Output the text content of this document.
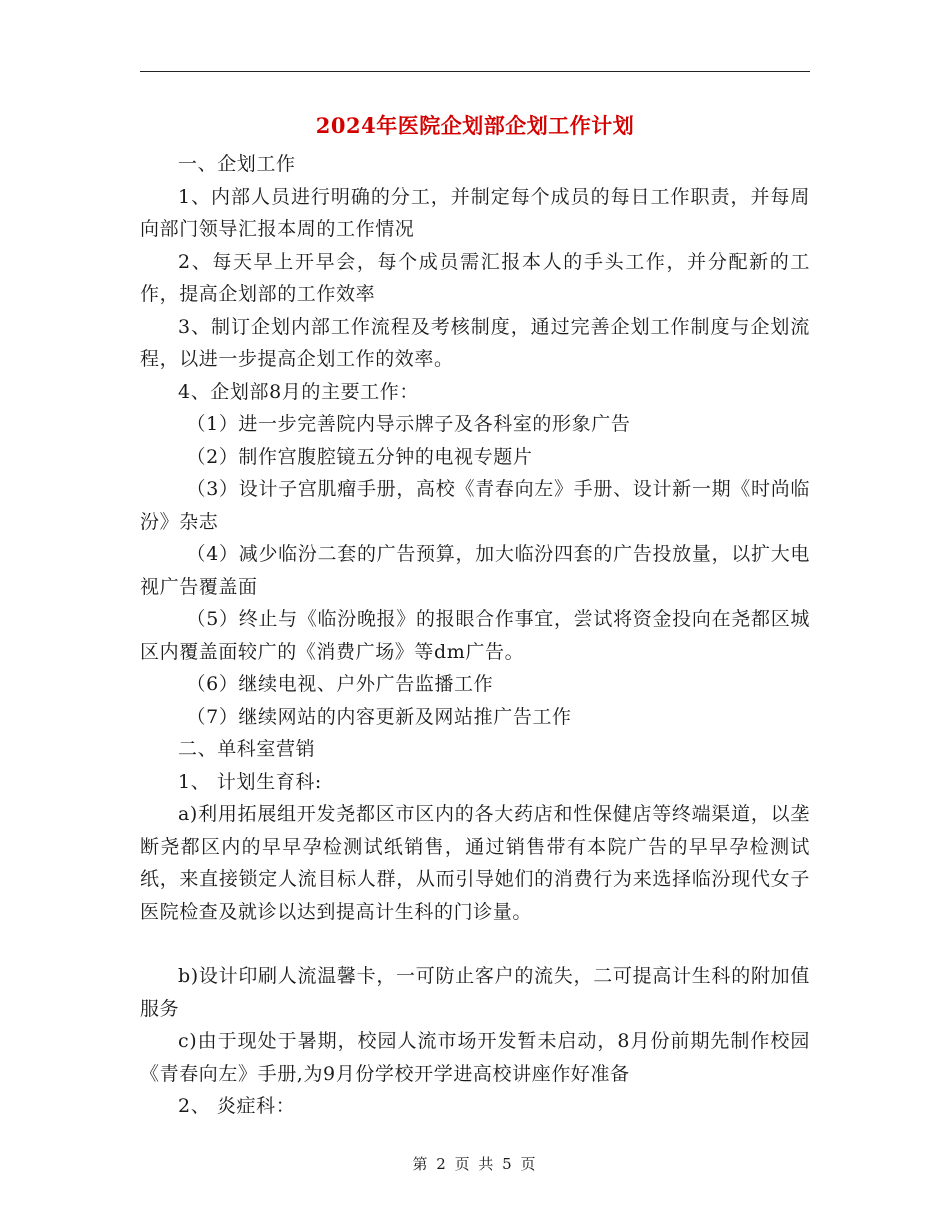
2024年医院企划部企划工作计划

一、企划工作

1、内部人员进行明确的分工，并制定每个成员的每日工作职责，并每周向部门领导汇报本周的工作情况

2、每天早上开早会，每个成员需汇报本人的手头工作，并分配新的工作，提高企划部的工作效率

3、制订企划内部工作流程及考核制度，通过完善企划工作制度与企划流程，以进一步提高企划工作的效率。

4、企划部8月的主要工作：

（1）进一步完善院内导示牌子及各科室的形象广告

（2）制作宫腹腔镜五分钟的电视专题片

（3）设计子宫肌瘤手册，高校《青春向左》手册、设计新一期《时尚临汾》杂志

（4）减少临汾二套的广告预算，加大临汾四套的广告投放量，以扩大电视广告覆盖面

（5）终止与《临汾晚报》的报眼合作事宜，尝试将资金投向在尧都区城区内覆盖面较广的《消费广场》等dm广告。

（6）继续电视、户外广告监播工作

（7）继续网站的内容更新及网站推广告工作

二、单科室营销

1、 计划生育科:

a)利用拓展组开发尧都区市区内的各大药店和性保健店等终端渠道，以垄断尧都区内的早早孕检测试纸销售，通过销售带有本院广告的早早孕检测试纸，来直接锁定人流目标人群，从而引导她们的消费行为来选择临汾现代女子医院检查及就诊以达到提高计生科的门诊量。

b)设计印刷人流温馨卡，一可防止客户的流失，二可提高计生科的附加值服务

c)由于现处于暑期，校园人流市场开发暂未启动，8月份前期先制作校园《青春向左》手册,为9月份学校开学进高校讲座作好准备

2、 炎症科：

第 2 页 共 5 页
